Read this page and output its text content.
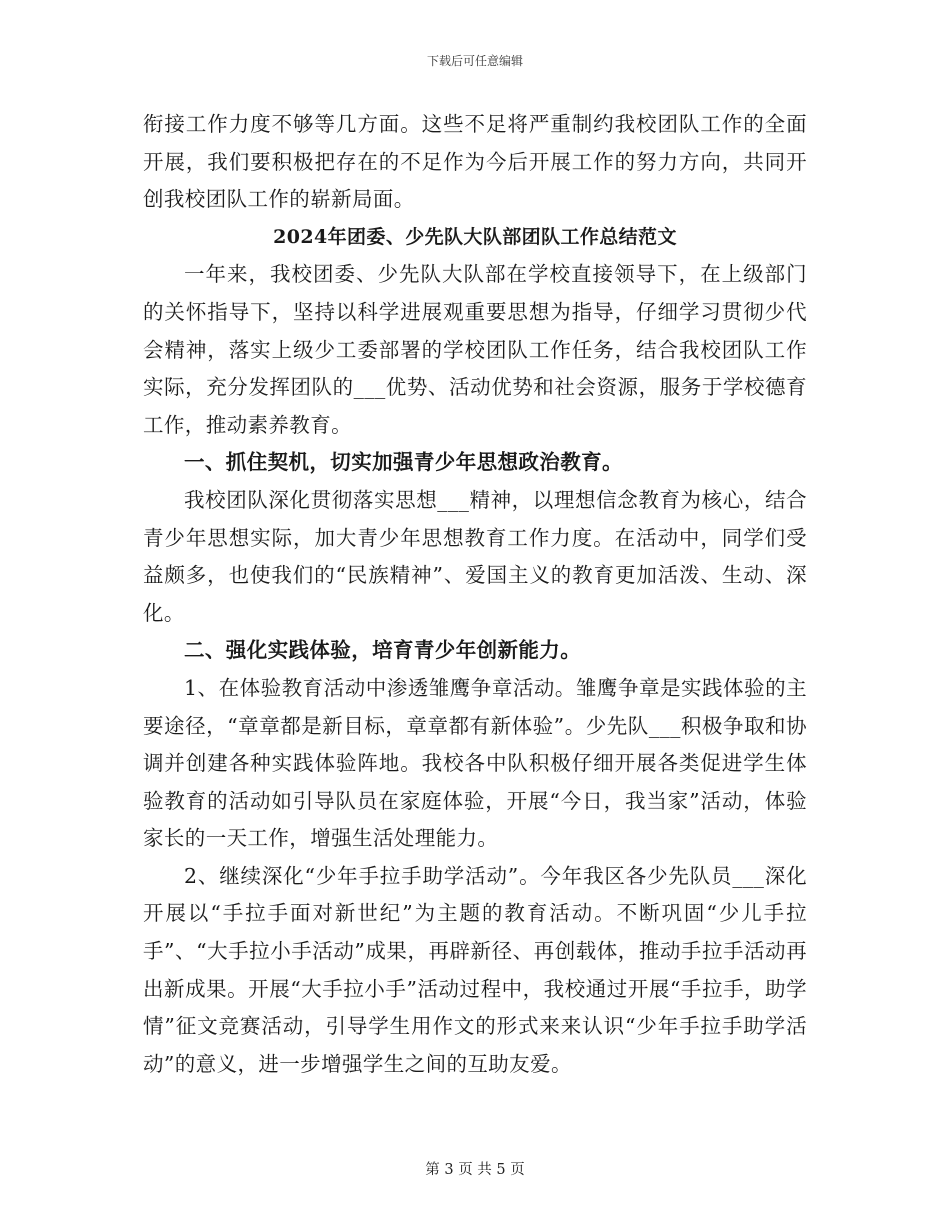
下载后可任意编辑

衔接工作力度不够等几方面。这些不足将严重制约我校团队工作的全面开展，我们要积极把存在的不足作为今后开展工作的努力方向，共同开创我校团队工作的崭新局面。

2024年团委、少先队大队部团队工作总结范文

一年来，我校团委、少先队大队部在学校直接领导下，在上级部门的关怀指导下，坚持以科学进展观重要思想为指导，仔细学习贯彻少代会精神，落实上级少工委部署的学校团队工作任务，结合我校团队工作实际，充分发挥团队的___优势、活动优势和社会资源，服务于学校德育工作，推动素养教育。

一、抓住契机，切实加强青少年思想政治教育。

我校团队深化贯彻落实思想___精神，以理想信念教育为核心，结合青少年思想实际，加大青少年思想教育工作力度。在活动中，同学们受益颇多，也使我们的“民族精神”、爱国主义的教育更加活泼、生动、深化。

二、强化实践体验，培育青少年创新能力。

1、在体验教育活动中渗透雏鹰争章活动。雏鹰争章是实践体验的主要途径，“章章都是新目标，章章都有新体验”。少先队___积极争取和协调并创建各种实践体验阵地。我校各中队积极仔细开展各类促进学生体验教育的活动如引导队员在家庭体验，开展“今日，我当家”活动，体验家长的一天工作，增强生活处理能力。

2、继续深化“少年手拉手助学活动”。今年我区各少先队员___深化开展以“手拉手面对新世纪”为主题的教育活动。不断巩固“少儿手拉手”、“大手拉小手活动”成果，再辟新径、再创载体，推动手拉手活动再出新成果。开展“大手拉小手”活动过程中，我校通过开展“手拉手，助学情”征文竞赛活动，引导学生用作文的形式来来认识“少年手拉手助学活动”的意义，进一步增强学生之间的互助友爱。

第 3 页 共 5 页
